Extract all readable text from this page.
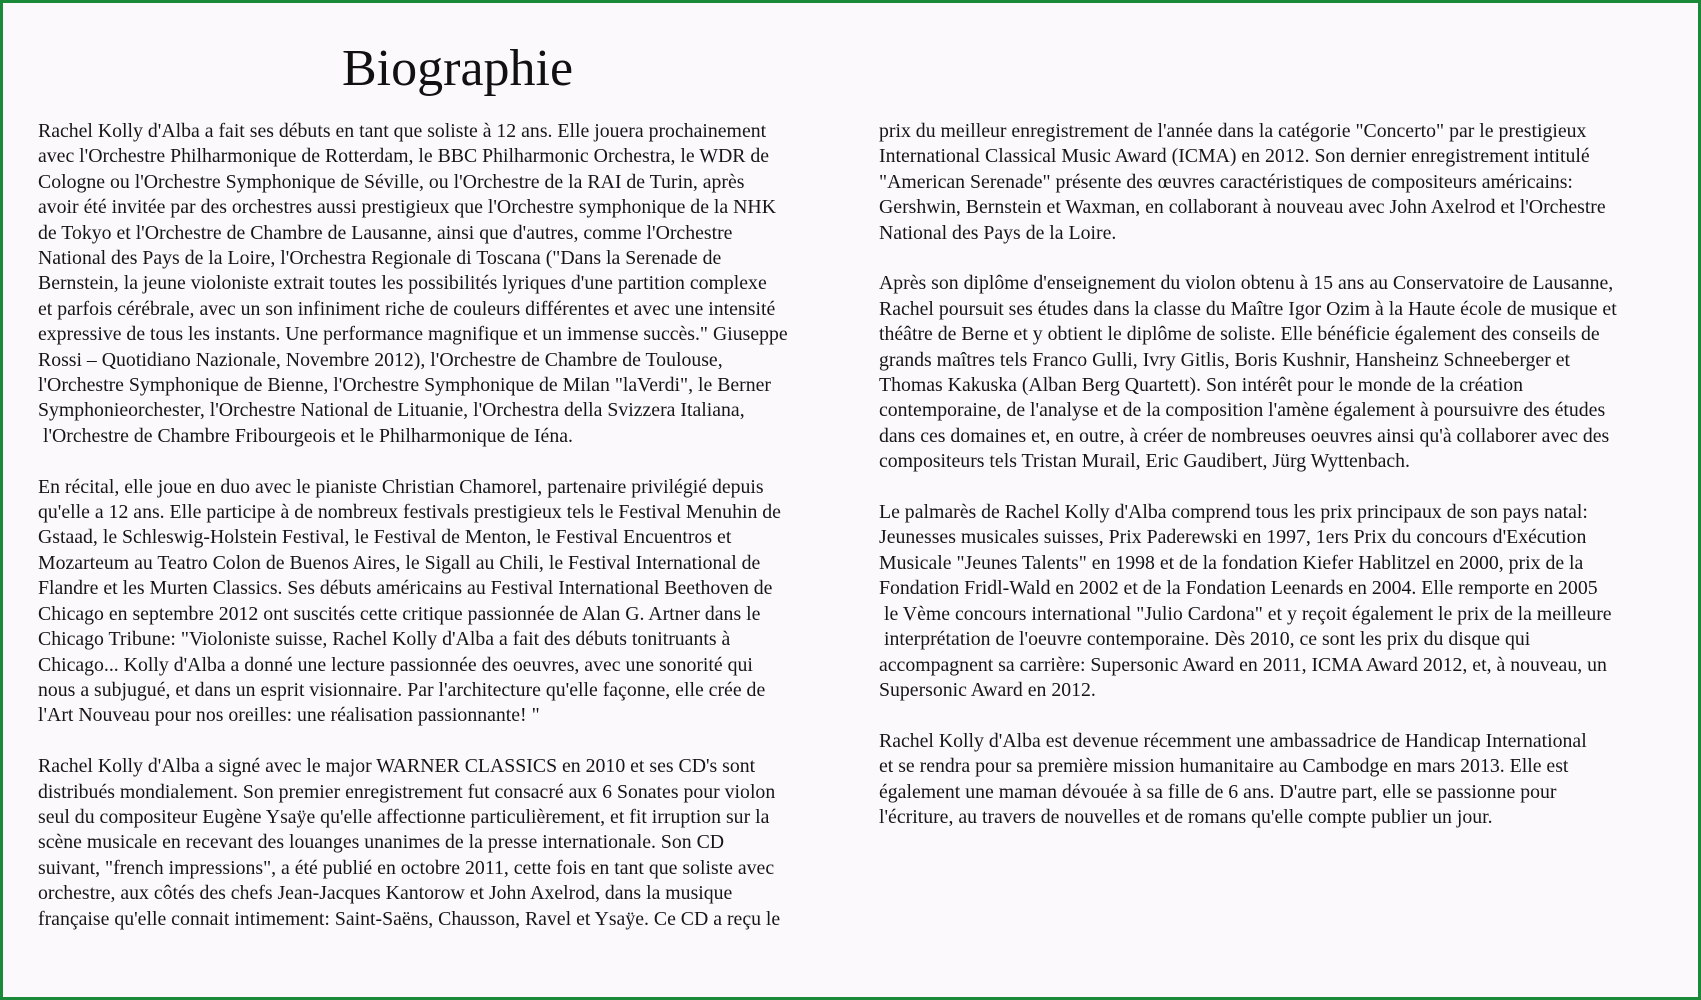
Biographie

Rachel Kolly d'Alba a fait ses débuts en tant que soliste à 12 ans. Elle jouera prochainement
avec l'Orchestre Philharmonique de Rotterdam, le BBC Philharmonic Orchestra, le WDR de
Cologne ou l'Orchestre Symphonique de Séville, ou l'Orchestre de la RAI de Turin, après
avoir été invitée par des orchestres aussi prestigieux que l'Orchestre symphonique de la NHK
de Tokyo et l'Orchestre de Chambre de Lausanne, ainsi que d'autres, comme l'Orchestre
National des Pays de la Loire, l'Orchestra Regionale di Toscana ("Dans la Serenade de
Bernstein, la jeune violoniste extrait toutes les possibilités lyriques d'une partition complexe
et parfois cérébrale, avec un son infiniment riche de couleurs différentes et avec une intensité
expressive de tous les instants. Une performance magnifique et un immense succès." Giuseppe
Rossi – Quotidiano Nazionale, Novembre 2012), l'Orchestre de Chambre de Toulouse,
l'Orchestre Symphonique de Bienne, l'Orchestre Symphonique de Milan "laVerdi", le Berner
Symphonieorchester, l'Orchestre National de Lituanie, l'Orchestra della Svizzera Italiana,
l'Orchestre de Chambre Fribourgeois et le Philharmonique de Iéna.

En récital, elle joue en duo avec le pianiste Christian Chamorel, partenaire privilégié depuis
qu'elle a 12 ans. Elle participe à de nombreux festivals prestigieux tels le Festival Menuhin de
Gstaad, le Schleswig-Holstein Festival, le Festival de Menton, le Festival Encuentros et
Mozarteum au Teatro Colon de Buenos Aires, le Sigall au Chili, le Festival International de
Flandre et les Murten Classics. Ses débuts américains au Festival International Beethoven de
Chicago en septembre 2012 ont suscités cette critique passionnée de Alan G. Artner dans le
Chicago Tribune: "Violoniste suisse, Rachel Kolly d'Alba a fait des débuts tonitruants à
Chicago... Kolly d'Alba a donné une lecture passionnée des oeuvres, avec une sonorité qui
nous a subjugué, et dans un esprit visionnaire. Par l'architecture qu'elle façonne, elle crée de
l'Art Nouveau pour nos oreilles: une réalisation passionnante! "

Rachel Kolly d'Alba a signé avec le major WARNER CLASSICS en 2010 et ses CD's sont
distribués mondialement. Son premier enregistrement fut consacré aux 6 Sonates pour violon
seul du compositeur Eugène Ysaÿe qu'elle affectionne particulièrement, et fit irruption sur la
scène musicale en recevant des louanges unanimes de la presse internationale. Son CD
suivant, "french impressions", a été publié en octobre 2011, cette fois en tant que soliste avec
orchestre, aux côtés des chefs Jean-Jacques Kantorow et John Axelrod, dans la musique
française qu'elle connait intimement: Saint-Saëns, Chausson, Ravel et Ysaÿe. Ce CD a reçu le

prix du meilleur enregistrement de l'année dans la catégorie "Concerto" par le prestigieux
International Classical Music Award (ICMA) en 2012. Son dernier enregistrement intitulé
"American Serenade" présente des œuvres caractéristiques de compositeurs américains:
Gershwin, Bernstein et Waxman, en collaborant à nouveau avec John Axelrod et l'Orchestre
National des Pays de la Loire.

Après son diplôme d'enseignement du violon obtenu à 15 ans au Conservatoire de Lausanne,
Rachel poursuit ses études dans la classe du Maître Igor Ozim à la Haute école de musique et
théâtre de Berne et y obtient le diplôme de soliste. Elle bénéficie également des conseils de
grands maîtres tels Franco Gulli, Ivry Gitlis, Boris Kushnir, Hansheinz Schneeberger et
Thomas Kakuska (Alban Berg Quartett). Son intérêt pour le monde de la création
contemporaine, de l'analyse et de la composition l'amène également à poursuivre des études
dans ces domaines et, en outre, à créer de nombreuses oeuvres ainsi qu'à collaborer avec des
compositeurs tels Tristan Murail, Eric Gaudibert, Jürg Wyttenbach.

Le palmarès de Rachel Kolly d'Alba comprend tous les prix principaux de son pays natal:
Jeunesses musicales suisses, Prix Paderewski en 1997, 1ers Prix du concours d'Exécution
Musicale "Jeunes Talents" en 1998 et de la fondation Kiefer Hablitzel en 2000, prix de la
Fondation Fridl-Wald en 2002 et de la Fondation Leenards en 2004. Elle remporte en 2005
le Vème concours international "Julio Cardona" et y reçoit également le prix de la meilleure
interprétation de l'oeuvre contemporaine. Dès 2010, ce sont les prix du disque qui
accompagnent sa carrière: Supersonic Award en 2011, ICMA Award 2012, et, à nouveau, un
Supersonic Award en 2012.

Rachel Kolly d'Alba est devenue récemment une ambassadrice de Handicap International
et se rendra pour sa première mission humanitaire au Cambodge en mars 2013. Elle est
également une maman dévouée à sa fille de 6 ans. D'autre part, elle se passionne pour
l'écriture, au travers de nouvelles et de romans qu'elle compte publier un jour.
